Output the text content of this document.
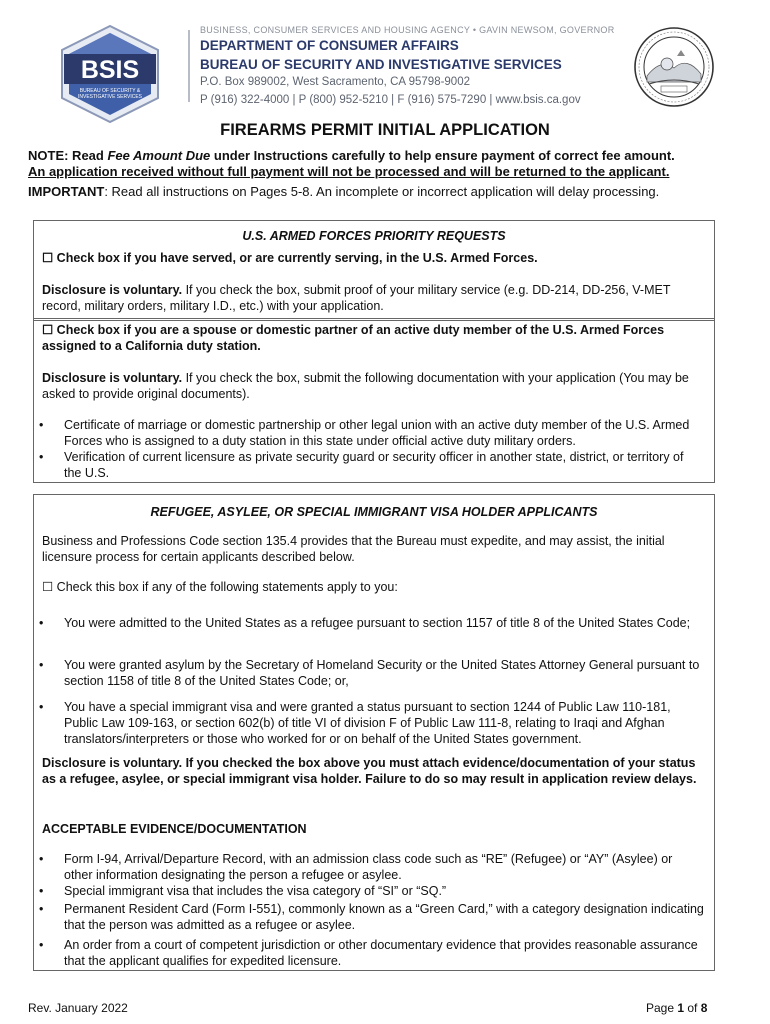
BSIS
BUREAU OF SECURITY &
INVESTIGATIVE SERVICES
BUSINESS, CONSUMER SERVICES AND HOUSING AGENCY • GAVIN NEWSOM, GOVERNOR
DEPARTMENT OF CONSUMER AFFAIRS
BUREAU OF SECURITY AND INVESTIGATIVE SERVICES
P.O. Box 989002, West Sacramento, CA 95798-9002
P (916) 322-4000 | P (800) 952-5210 | F (916) 575-7290 | www.bsis.ca.gov
FIREARMS PERMIT INITIAL APPLICATION
NOTE: Read Fee Amount Due under Instructions carefully to help ensure payment of correct fee amount.
An application received without full payment will not be processed and will be returned to the applicant.
IMPORTANT: Read all instructions on Pages 5-8. An incomplete or incorrect application will delay processing.
U.S. ARMED FORCES PRIORITY REQUESTS
☐ Check box if you have served, or are currently serving, in the U.S. Armed Forces.
Disclosure is voluntary. If you check the box, submit proof of your military service (e.g. DD-214, DD-256, V-MET record, military orders, military I.D., etc.) with your application.
☐ Check box if you are a spouse or domestic partner of an active duty member of the U.S. Armed Forces assigned to a California duty station.
Disclosure is voluntary. If you check the box, submit the following documentation with your application (You may be asked to provide original documents).
• Certificate of marriage or domestic partnership or other legal union with an active duty member of the U.S. Armed Forces who is assigned to a duty station in this state under official active duty military orders.
• Verification of current licensure as private security guard or security officer in another state, district, or territory of the U.S.
REFUGEE, ASYLEE, OR SPECIAL IMMIGRANT VISA HOLDER APPLICANTS
Business and Professions Code section 135.4 provides that the Bureau must expedite, and may assist, the initial licensure process for certain applicants described below.
☐ Check this box if any of the following statements apply to you:
• You were admitted to the United States as a refugee pursuant to section 1157 of title 8 of the United States Code;
• You were granted asylum by the Secretary of Homeland Security or the United States Attorney General pursuant to section 1158 of title 8 of the United States Code; or,
• You have a special immigrant visa and were granted a status pursuant to section 1244 of Public Law 110-181, Public Law 109-163, or section 602(b) of title VI of division F of Public Law 111-8, relating to Iraqi and Afghan translators/interpreters or those who worked for or on behalf of the United States government.
Disclosure is voluntary. If you checked the box above you must attach evidence/documentation of your status as a refugee, asylee, or special immigrant visa holder. Failure to do so may result in application review delays.
ACCEPTABLE EVIDENCE/DOCUMENTATION
• Form I-94, Arrival/Departure Record, with an admission class code such as “RE” (Refugee) or “AY” (Asylee) or other information designating the person a refugee or asylee.
• Special immigrant visa that includes the visa category of “SI” or “SQ.”
• Permanent Resident Card (Form I-551), commonly known as a “Green Card,” with a category designation indicating that the person was admitted as a refugee or asylee.
• An order from a court of competent jurisdiction or other documentary evidence that provides reasonable assurance that the applicant qualifies for expedited licensure.
Rev. January 2022	Page 1 of 8
